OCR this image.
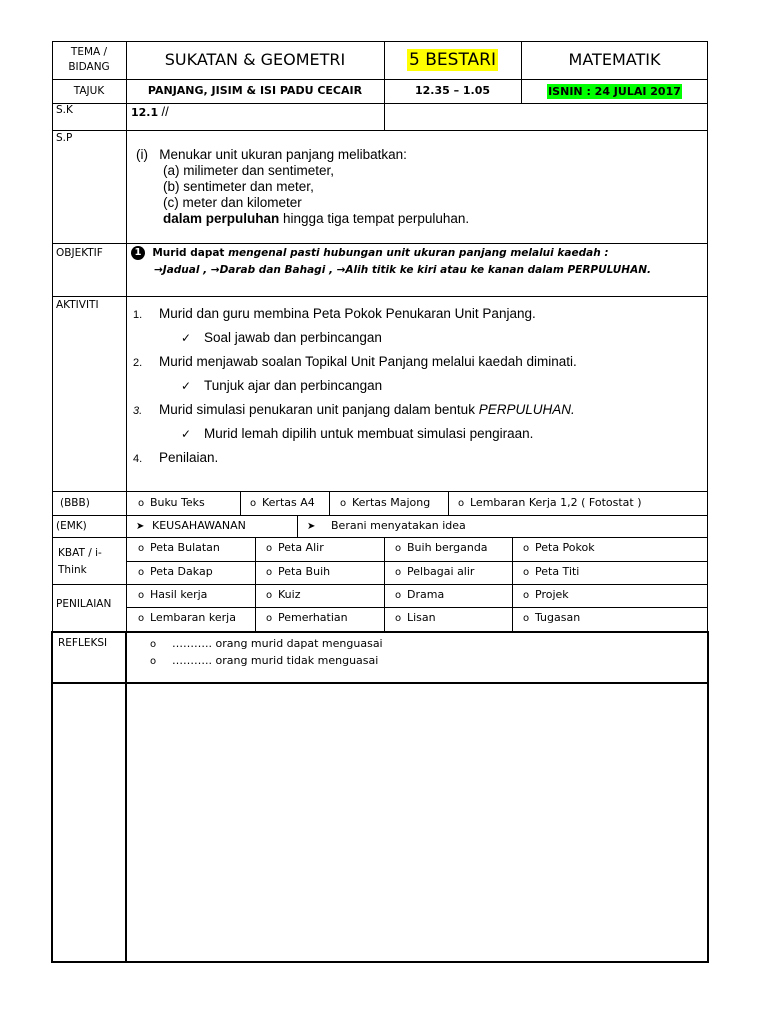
TEMA / BIDANG	SUKATAN & GEOMETRI	5 BESTARI	MATEMATIK
TAJUK	PANJANG, JISIM & ISI PADU CECAIR	12.35 – 1.05	ISNIN : 24 JULAI 2017
S.K	12.1 //
S.P
(i)   Menukar unit ukuran panjang melibatkan:
(a) milimeter dan sentimeter,
(b) sentimeter dan meter,
(c) meter dan kilometer
dalam perpuluhan hingga tiga tempat perpuluhan.
OBJEKTIF	1 Murid dapat mengenal pasti hubungan unit ukuran panjang melalui kaedah :
→Jadual , →Darab dan Bahagi , →Alih titik ke kiri atau ke kanan dalam PERPULUHAN.
AKTIVITI
1. Murid dan guru membina Peta Pokok Penukaran Unit Panjang.
✓ Soal jawab dan perbincangan
2. Murid menjawab soalan Topikal Unit Panjang melalui kaedah diminati.
✓ Tunjuk ajar dan perbincangan
3. Murid simulasi penukaran unit panjang dalam bentuk PERPULUHAN.
✓ Murid lemah dipilih untuk membuat simulasi pengiraan.
4. Penilaian.
(BBB)	o Buku Teks	o Kertas A4	o Kertas Majong	o Lembaran Kerja 1,2 ( Fotostat )
(EMK)	➤ KEUSAHAWANAN	➤ Berani menyatakan idea
KBAT / i-
Think
o Peta Bulatan	o Peta Alir	o Buih berganda	o Peta Pokok
o Peta Dakap	o Peta Buih	o Pelbagai alir	o Peta Titi
PENILAIAN
o Hasil kerja	o Kuiz	o Drama	o Projek
o Lembaran kerja	o Pemerhatian	o Lisan	o Tugasan
REFLEKSI	o ……….. orang murid dapat menguasai
o ……….. orang murid tidak menguasai
